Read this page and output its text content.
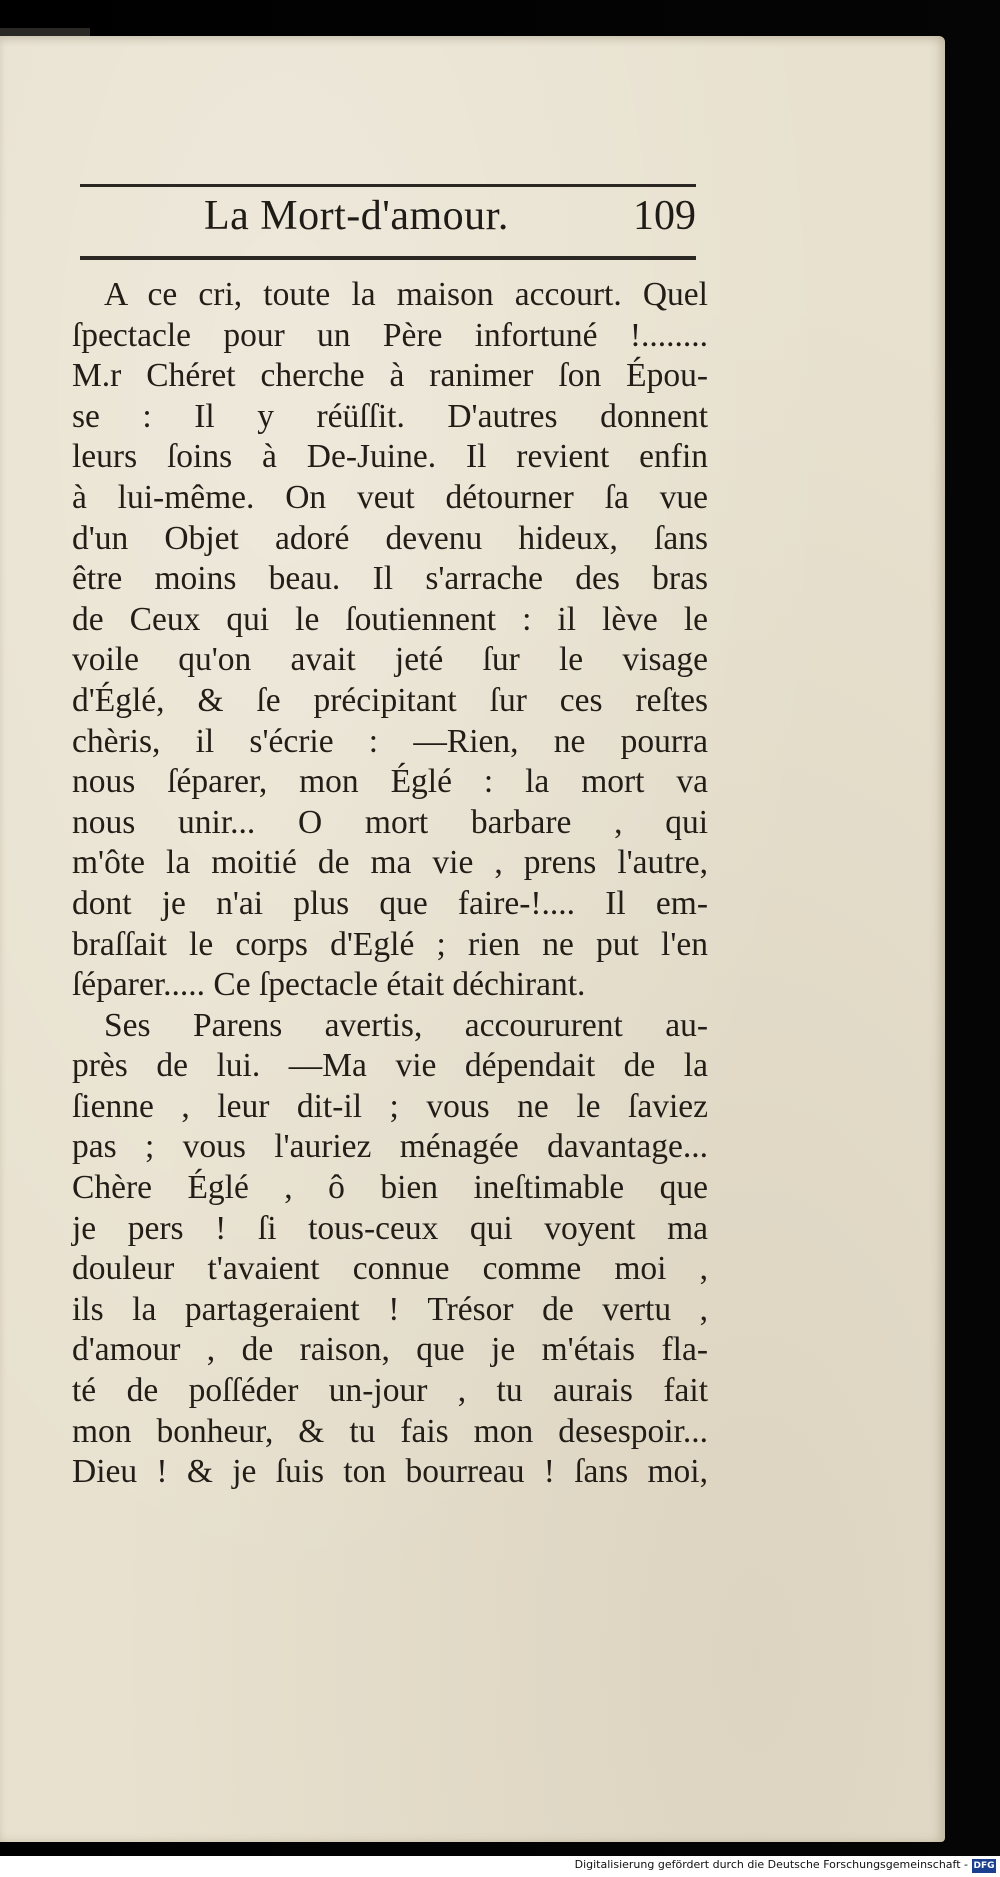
La Mort-d'amour.	109
A ce cri, toute la maison accourt. Quel
ſpectacle pour un Père infortuné !........
M.r Chéret cherche à ranimer ſon Épou-
se : Il y réüſſit. D'autres donnent
leurs ſoins à De-Juine. Il revient enfin
à lui-même. On veut détourner ſa vue
d'un Objet adoré devenu hideux, ſans
être moins beau. Il s'arrache des bras
de Ceux qui le ſoutiennent : il lève le
voile qu'on avait jeté ſur le visage
d'Églé, & ſe précipitant ſur ces reſtes
chèris, il s'écrie : —Rien, ne pourra
nous ſéparer, mon Églé : la mort va
nous unir... O mort barbare , qui
m'ôte la moitié de ma vie , prens l'autre,
dont je n'ai plus que faire-!.... Il em-
braſſait le corps d'Eglé ; rien ne put l'en
ſéparer..... Ce ſpectacle était déchirant.
Ses Parens avertis, accoururent au-
près de lui. —Ma vie dépendait de la
ſienne , leur dit-il ; vous ne le ſaviez
pas ; vous l'auriez ménagée davantage...
Chère Églé , ô bien ineſtimable que
je pers ! ſi tous-ceux qui voyent ma
douleur t'avaient connue comme moi ,
ils la partageraient ! Trésor de vertu ,
d'amour , de raison, que je m'étais fla-
té de poſſéder un-jour , tu aurais fait
mon bonheur, & tu fais mon desespoir...
Dieu ! & je ſuis ton bourreau ! ſans moi,
Digitalisierung gefördert durch die Deutsche Forschungsgemeinschaft - DFG
